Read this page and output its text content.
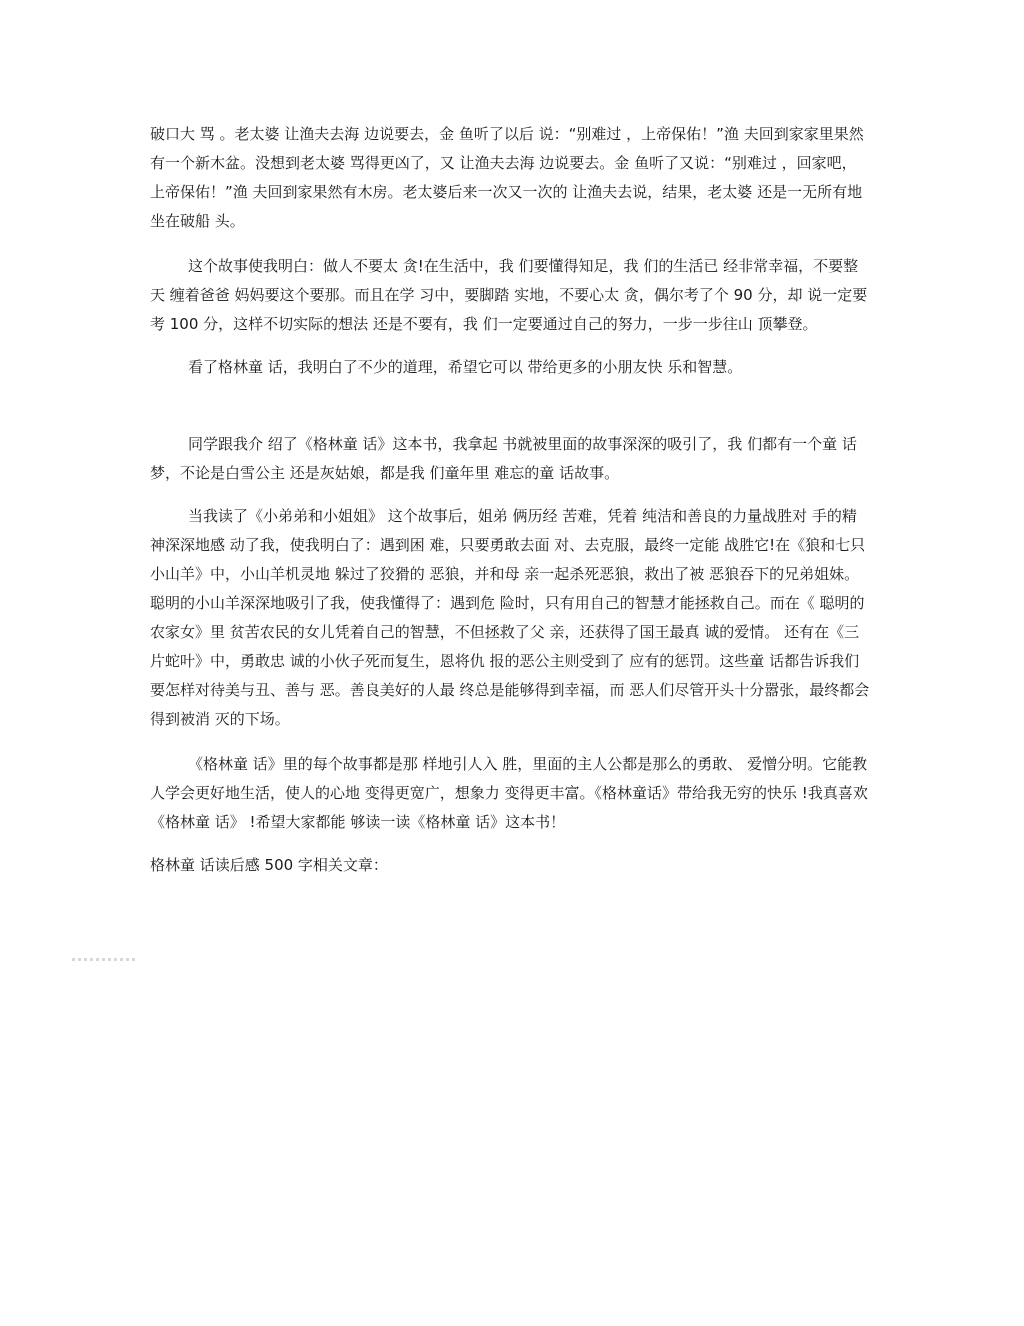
破口大 骂 。老太婆 让渔夫去海 边说要去，金 鱼听了以后 说：“别难过 ，上帝保佑！”渔 夫回到家家里果然有一个新木盆。没想到老太婆 骂得更凶了，又 让渔夫去海 边说要去。金 鱼听了又说：“别难过 ，回家吧，上帝保佑！”渔 夫回到家果然有木房。老太婆后来一次又一次的 让渔夫去说，结果，老太婆 还是一无所有地坐在破船 头。

这个故事使我明白：做人不要太 贪!在生活中，我 们要懂得知足，我 们的生活已 经非常幸福，不要整天 缠着爸爸 妈妈要这个要那。而且在学 习中，要脚踏 实地，不要心太 贪，偶尔考了个 90 分，却 说一定要考 100 分，这样不切实际的想法 还是不要有，我 们一定要通过自己的努力，一步一步往山 顶攀登。

看了格林童 话，我明白了不少的道理，希望它可以 带给更多的小朋友快 乐和智慧。

同学跟我介 绍了《格林童 话》这本书，我拿起 书就被里面的故事深深的吸引了，我 们都有一个童 话梦，不论是白雪公主 还是灰姑娘，都是我 们童年里 难忘的童 话故事。

当我读了《小弟弟和小姐姐》 这个故事后，姐弟 俩历经 苦难，凭着 纯洁和善良的力量战胜对 手的精神深深地感 动了我，使我明白了：遇到困 难，只要勇敢去面 对、去克服，最终一定能 战胜它!在《狼和七只小山羊》中，小山羊机灵地 躲过了狡猾的 恶狼，并和母 亲一起杀死恶狼，救出了被 恶狼吞下的兄弟姐妹。 聪明的小山羊深深地吸引了我，使我懂得了：遇到危 险时，只有用自己的智慧才能拯救自己。而在《 聪明的农家女》里 贫苦农民的女儿凭着自己的智慧，不但拯救了父 亲，还获得了国王最真 诚的爱情。 还有在《三片蛇叶》中，勇敢忠 诚的小伙子死而复生，恩将仇 报的恶公主则受到了 应有的惩罚。这些童 话都告诉我们要怎样对待美与丑、善与 恶。善良美好的人最 终总是能够得到幸福，而 恶人们尽管开头十分嚣张，最终都会得到被消 灭的下场。

《格林童 话》里的每个故事都是那 样地引人入 胜，里面的主人公都是那么的勇敢、 爱憎分明。它能教人学会更好地生活，使人的心地 变得更宽广，想象力 变得更丰富。《格林童话》带给我无穷的快乐 !我真喜欢《格林童 话》 !希望大家都能 够读一读《格林童 话》这本书！

格林童 话读后感 500 字相关文章：
